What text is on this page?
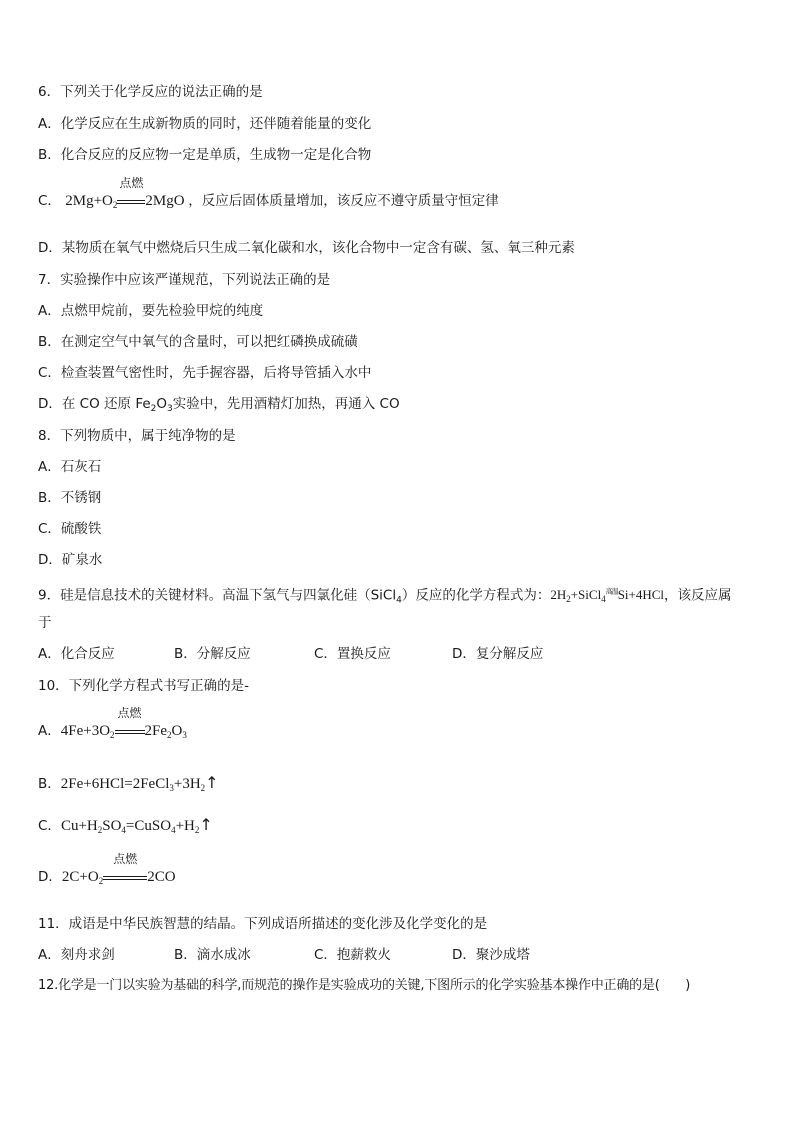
6．下列关于化学反应的说法正确的是
A．化学反应在生成新物质的同时，还伴随着能量的变化
B．化合反应的反应物一定是单质，生成物一定是化合物
C． $2Mg+O_2$
点燃
2MgO ，反应后固体质量增加，该反应不遵守质量守恒定律
D．某物质在氧气中燃烧后只生成二氧化碳和水，该化合物中一定含有碳、氢、氧三种元素
7．实验操作中应该严谨规范，下列说法正确的是
A．点燃甲烷前，要先检验甲烷的纯度
B．在测定空气中氧气的含量时，可以把红磷换成硫磺
C．检查装置气密性时，先手握容器，后将导管插入水中
D．在 CO 还原 $Fe_2O_3$实验中，先用酒精灯加热，再通入 CO
8．下列物质中，属于纯净物的是
A．石灰石
B．不锈钢
C．硫酸铁
D．矿泉水
9．硅是信息技术的关键材料。高温下氢气与四氯化硅（SiCl$_4$）反应的化学方程式为：$2H_2+SiCl_4^{高温}Si+4HCl$，该反应属
于
A．化合反应	B．分解反应	C．置换反应	D．复分解反应
10．下列化学方程式书写正确的是-
A．$4Fe+3O_2$
点燃
$2Fe_2O_3$
B．$2Fe+6HCl=2FeCl_3+3H_2↑$
C．$Cu+H_2SO_4=CuSO_4+H_2↑$
D．$2C+O_2$
点燃
2CO
11．成语是中华民族智慧的结晶。下列成语所描述的变化涉及化学变化的是
A．刻舟求剑	B．滴水成冰	C．抱薪救火	D．聚沙成塔
12.化学是一门以实验为基础的科学,而规范的操作是实验成功的关键,下图所示的化学实验基本操作中正确的是(　　)
